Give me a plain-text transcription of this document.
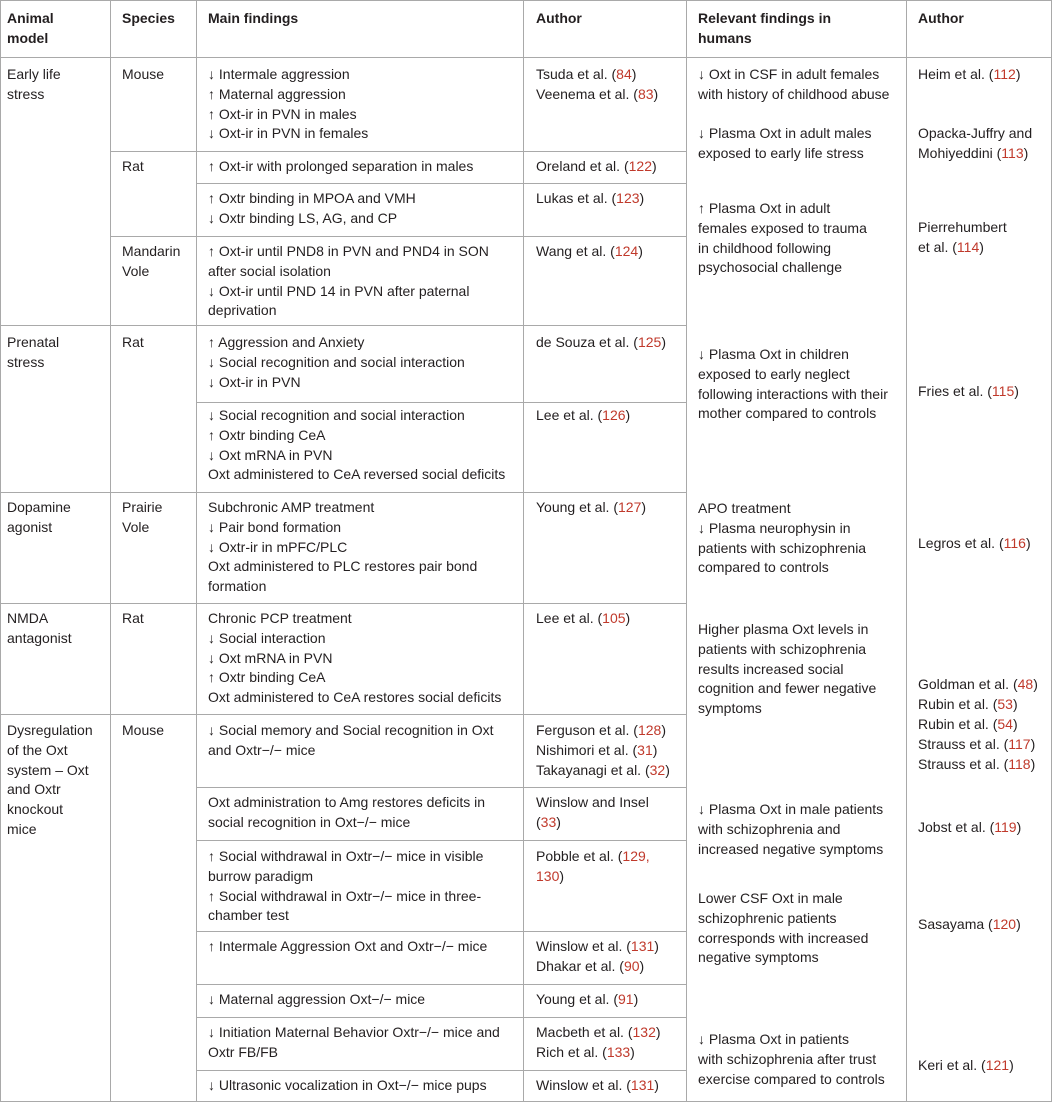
Animal
model
Species Main findings	Author	Relevant findings in
humans
Author
Early life
stress
Prenatal
stress
Dopamine
agonist
NMDA
antagonist
Dysregulation
of the Oxt
system – Oxt
and Oxtr
knockout
mice
Mouse
Rat
Mandarin
Vole
Rat
Prairie
Vole
Rat
Mouse
↓ Intermale aggression
↑ Maternal aggression
↑ Oxt-ir in PVN in males
↓ Oxt-ir in PVN in females
↑ Oxt-ir with prolonged separation in males
↑ Oxtr binding in MPOA and VMH
↓ Oxtr binding LS, AG, and CP
↑ Oxt-ir until PND8 in PVN and PND4 in SON
after social isolation
↓ Oxt-ir until PND 14 in PVN after paternal
deprivation
↑ Aggression and Anxiety
↓ Social recognition and social interaction
↓ Oxt-ir in PVN
↓ Social recognition and social interaction
↑ Oxtr binding CeA
↓ Oxt mRNA in PVN
Oxt administered to CeA reversed social deficits
Subchronic AMP treatment
↓ Pair bond formation
↓ Oxtr-ir in mPFC/PLC
Oxt administered to PLC restores pair bond
formation
Chronic PCP treatment
↓ Social interaction
↓ Oxt mRNA in PVN
↑ Oxtr binding CeA
Oxt administered to CeA restores social deficits
↓ Social memory and Social recognition in Oxt
and Oxtr−/− mice
Oxt administration to Amg restores deficits in
social recognition in Oxt−/− mice
↑ Social withdrawal in Oxtr−/− mice in visible
burrow paradigm
↑ Social withdrawal in Oxtr−/− mice in three-
chamber test
↑ Intermale Aggression Oxt and Oxtr−/− mice
↓ Maternal aggression Oxt−/− mice
↓ Initiation Maternal Behavior Oxtr−/− mice and
Oxtr FB/FB
↓ Ultrasonic vocalization in Oxt−/− mice pups
Tsuda et al. (84)
Veenema et al. (83)
Oreland et al. (122)
Lukas et al. (123)
Wang et al. (124)
de Souza et al. (125)
Lee et al. (126)
Young et al. (127)
Lee et al. (105)
Ferguson et al. (128)
Nishimori et al. (31)
Takayanagi et al. (32)
Winslow and Insel
(33)
Pobble et al. (129,
130)
Winslow et al. (131)
Dhakar et al. (90)
Young et al. (91)
Macbeth et al. (132)
Rich et al. (133)
Winslow et al. (131)
↓ Oxt in CSF in adult females
with history of childhood abuse
↓ Plasma Oxt in adult males
exposed to early life stress
↑ Plasma Oxt in adult
females exposed to trauma
in childhood following
psychosocial challenge
↓ Plasma Oxt in children
exposed to early neglect
following interactions with their
mother compared to controls
APO treatment
↓ Plasma neurophysin in
patients with schizophrenia
compared to controls
Higher plasma Oxt levels in
patients with schizophrenia
results increased social
cognition and fewer negative
symptoms
↓ Plasma Oxt in male patients
with schizophrenia and
increased negative symptoms
Lower CSF Oxt in male
schizophrenic patients
corresponds with increased
negative symptoms
↓ Plasma Oxt in patients
with schizophrenia after trust
exercise compared to controls
Heim et al. (112)
Opacka-Juffry and
Mohiyeddini (113)
Pierrehumbert
et al. (114)
Fries et al. (115)
Legros et al. (116)
Goldman et al. (48)
Rubin et al. (53)
Rubin et al. (54)
Strauss et al. (117)
Strauss et al. (118)
Jobst et al. (119)
Sasayama (120)
Keri et al. (121)
